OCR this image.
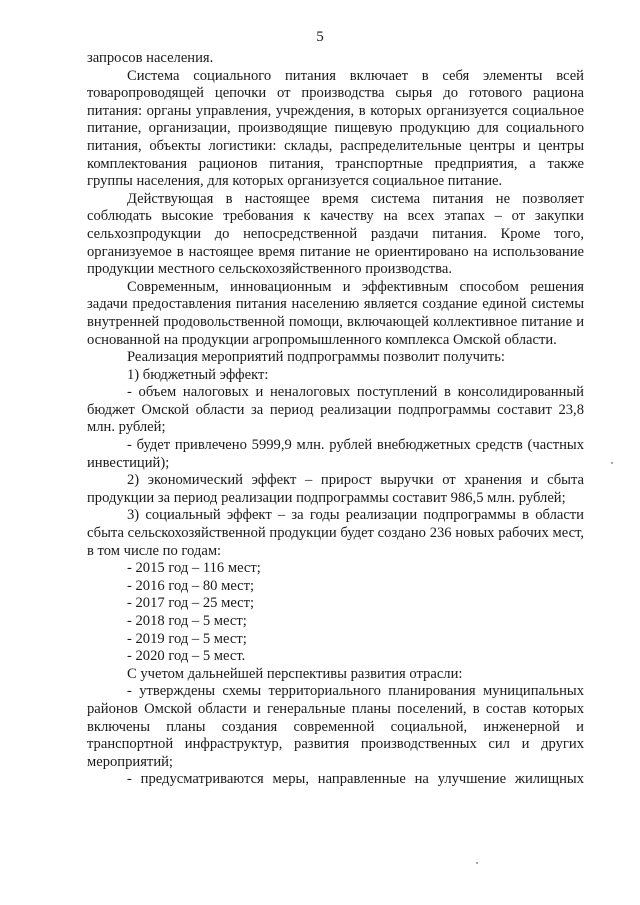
5

запросов населения.

Система социального питания включает в себя элементы всей товаропроводящей цепочки от производства сырья до готового рациона питания: органы управления, учреждения, в которых организуется социальное питание, организации, производящие пищевую продукцию для социального питания, объекты логистики: склады, распределительные центры и центры комплектования рационов питания, транспортные предприятия, а также группы населения, для которых организуется социальное питание.

Действующая в настоящее время система питания не позволяет соблюдать высокие требования к качеству на всех этапах – от закупки сельхозпродукции до непосредственной раздачи питания. Кроме того, организуемое в настоящее время питание не ориентировано на использование продукции местного сельскохозяйственного производства.

Современным, инновационным и эффективным способом решения задачи предоставления питания населению является создание единой системы внутренней продовольственной помощи, включающей коллективное питание и основанной на продукции агропромышленного комплекса Омской области.

Реализация мероприятий подпрограммы позволит получить:

1) бюджетный эффект:

- объем налоговых и неналоговых поступлений в консолидированный бюджет Омской области за период реализации подпрограммы составит 23,8 млн. рублей;

- будет привлечено 5999,9 млн. рублей внебюджетных средств (частных инвестиций);

2) экономический эффект – прирост выручки от хранения и сбыта продукции за период реализации подпрограммы составит 986,5 млн. рублей;

3) социальный эффект – за годы реализации подпрограммы в области сбыта сельскохозяйственной продукции будет создано 236 новых рабочих мест, в том числе по годам:

- 2015 год – 116 мест;

- 2016 год – 80 мест;

- 2017 год – 25 мест;

- 2018 год – 5 мест;

- 2019 год – 5 мест;

- 2020 год – 5 мест.

С учетом дальнейшей перспективы развития отрасли:

- утверждены схемы территориального планирования муниципальных районов Омской области и генеральные планы поселений, в состав которых включены планы создания современной социальной, инженерной и транспортной инфраструктур, развития производственных сил и других мероприятий;

- предусматриваются меры, направленные на улучшение жилищных
